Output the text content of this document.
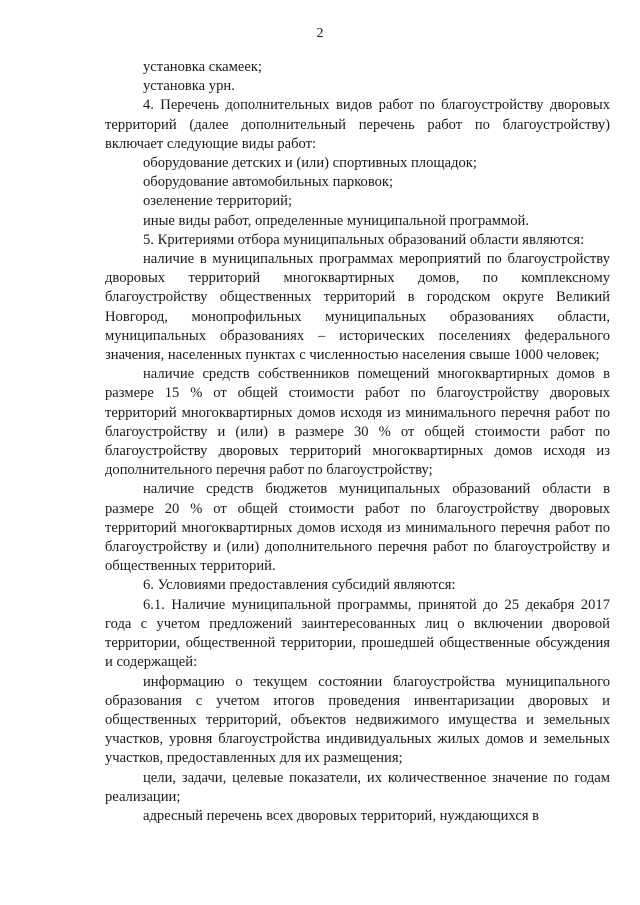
2

установка скамеек;

установка урн.

4. Перечень дополнительных видов работ по благоустройству дворовых территорий (далее дополнительный перечень работ по благоустройству) включает следующие виды работ:

оборудование детских и (или) спортивных площадок;

оборудование автомобильных парковок;

озеленение территорий;

иные виды работ, определенные муниципальной программой.

5. Критериями отбора муниципальных образований области являются:

наличие в муниципальных программах мероприятий по благоустройству дворовых территорий многоквартирных домов, по комплексному благоустройству общественных территорий в городском округе Великий Новгород, монопрофильных муниципальных образованиях области, муниципальных образованиях – исторических поселениях федерального значения, населенных пунктах с численностью населения свыше 1000 человек;

наличие средств собственников помещений многоквартирных домов в размере 15 % от общей стоимости работ по благоустройству дворовых территорий многоквартирных домов исходя из минимального перечня работ по благоустройству и (или) в размере 30 % от общей стоимости работ по благоустройству дворовых территорий многоквартирных домов исходя из дополнительного перечня работ по благоустройству;

наличие средств бюджетов муниципальных образований области в размере 20 % от общей стоимости работ по благоустройству дворовых территорий многоквартирных домов исходя из минимального перечня работ по благоустройству и (или) дополнительного перечня работ по благоустройству и общественных территорий.

6. Условиями предоставления субсидий являются:

6.1. Наличие муниципальной программы, принятой до 25 декабря 2017 года с учетом предложений заинтересованных лиц о включении дворовой территории, общественной территории, прошедшей общественные обсуждения и содержащей:

информацию о текущем состоянии благоустройства муниципального образования с учетом итогов проведения инвентаризации дворовых и общественных территорий, объектов недвижимого имущества и земельных участков, уровня благоустройства индивидуальных жилых домов и земельных участков, предоставленных для их размещения;

цели, задачи, целевые показатели, их количественное значение по годам реализации;

адресный перечень всех дворовых территорий, нуждающихся в
